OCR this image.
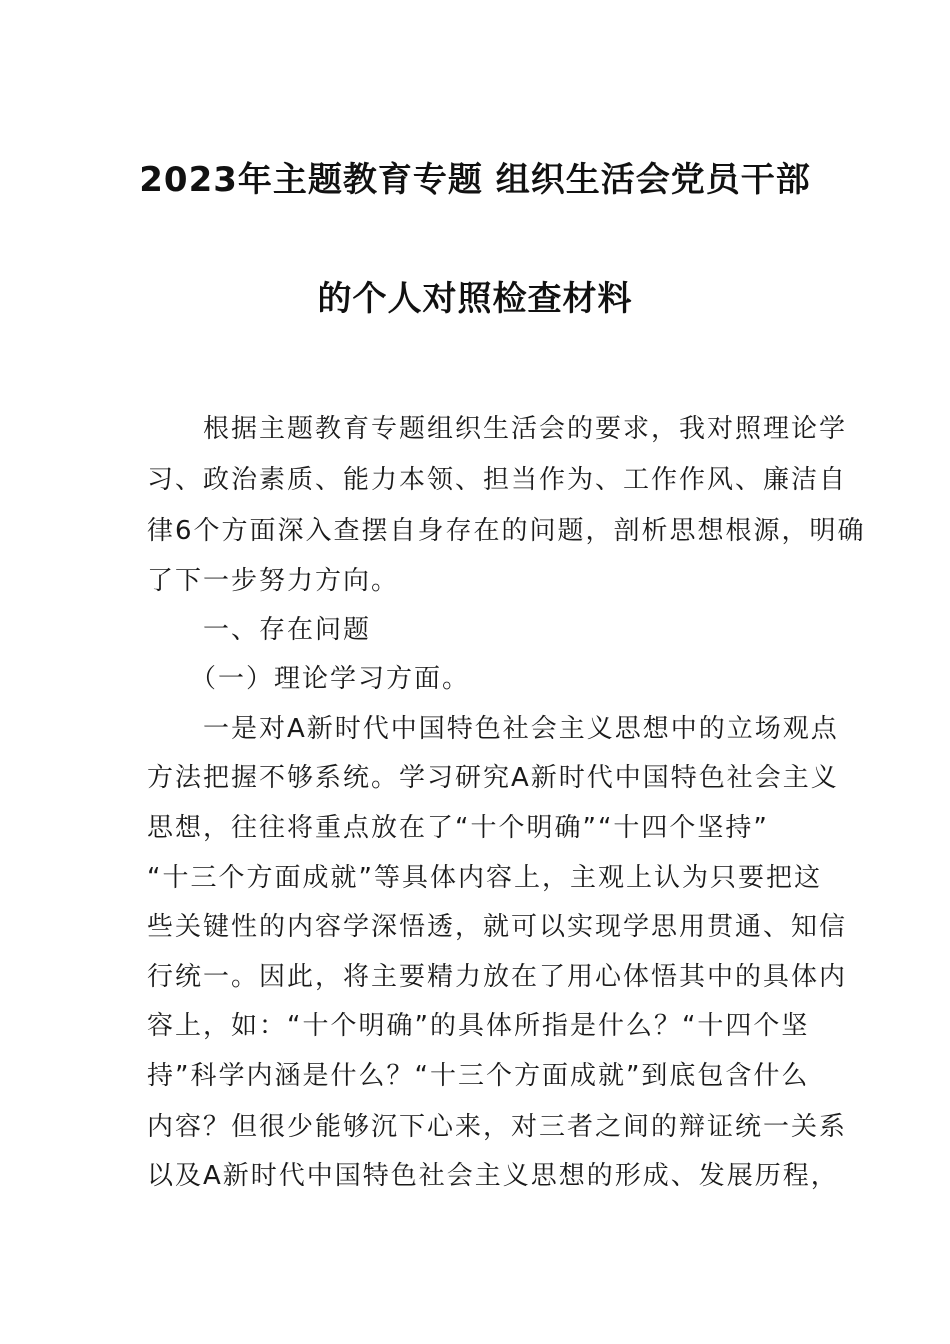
2023年主题教育专题 组织生活会党员干部
的个人对照检查材料
　　根据主题教育专题组织生活会的要求，我对照理论学
习、政治素质、能力本领、担当作为、工作作风、廉洁自
律6个方面深入查摆自身存在的问题，剖析思想根源，明确
了下一步努力方向。
　　一、存在问题
　　（一）理论学习方面。
　　一是对A新时代中国特色社会主义思想中的立场观点
方法把握不够系统。学习研究A新时代中国特色社会主义
思想，往往将重点放在了“十个明确”“十四个坚持”
“十三个方面成就”等具体内容上，主观上认为只要把这
些关键性的内容学深悟透，就可以实现学思用贯通、知信
行统一。因此，将主要精力放在了用心体悟其中的具体内
容上，如：“十个明确”的具体所指是什么？“十四个坚
持”科学内涵是什么？“十三个方面成就”到底包含什么
内容？但很少能够沉下心来，对三者之间的辩证统一关系
以及A新时代中国特色社会主义思想的形成、发展历程，
